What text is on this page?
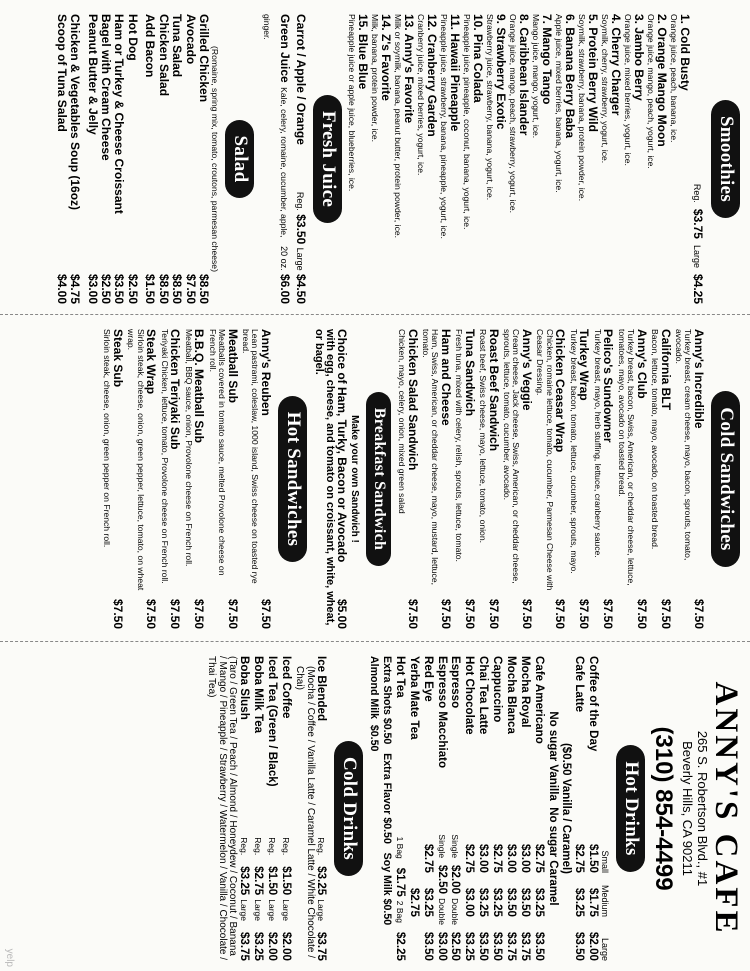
Smoothies
Reg.
$3.75
Large
$4.25
1. Cold Busty
Orange juice, peach, banana, ice.
2. Orange Mango Moon
Orange juice, mango, peach, yogurt, ice.
3. Jambo Berry
Orange juice, mixed berries, yogurt, ice.
4. Cherry Charger
Soymilk, cherry, strawberry, yogurt, ice.
5. Protein Berry Wild
Soymilk, strawberry, banana, protein powder, ice.
6. Banana Berry Baba
Apple juice, mixed berries, banana, yogurt, ice.
7. Mango Tango
Mango juice, mango, yogurt, ice.
8. Caribbean Islander
Orange juice, mango, peach, strawberry, yogurt, ice.
9. Strawberry Exotic
Strawberry juice, strawberry, banana, yogurt, ice.
10. Pina Colada
Pineapple juice, pineapple, coconut, banana, yogurt, ice.
11. Hawaii Pineapple
Pineapple juice, strawberry, banana, pineapple, yogurt, ice.
12. Cranberry Garden
Cranberry juice, mixed berries, yogurt, ice.
13. Anny's Favorite
Milk or soymilk, banana, peanut butter, protein powder, ice.
14. Z's Favorite
Milk, banana, protein powder, ice.
15. Blue Blue
Pineapple juice or apple juice, blueberries, ice.
Fresh Juice
Carrot / Apple / Orange
Reg. $3.50 Large $4.50
Green Juice Kale, celery, romaine, cucumber, apple, ginger.
20 oz. $6.00
Salad
(Romaine, spring mix, tomato, croutons, parmesan cheese)
Grilled Chicken
$8.50
Avocado
$7.50
Tuna Salad
$8.50
Chicken Salad
$8.50
Add Bacon
$1.50
Hot Dog
$2.50
Ham or Turkey & Cheese Croissant
$3.50
Bagel with Cream Cheese
$2.50
Peanut Butter & Jelly
$3.00
Chicken & Vegetables Soup (16oz)
$4.75
Scoop of Tuna Salad
$4.00
Cold Sandwiches
Anny's Incredible
$7.50
Turkey breast, cream cheese, mayo, bacon, sprouts, tomato, avocado.
California BLT
$7.50
Bacon, lettuce, tomato, mayo, avocado, on toasted bread.
Anny's Club
$7.50
Turkey breast, bacon, Swiss, American, or cheddar cheese, lettuce, tomatoes, mayo, avocado on toasted bread.
Pelico's Sundowner
$7.50
Turkey breast, mayo, herb stuffing, lettuce, cranberry sauce.
Turkey Wrap
$7.50
Turkey breast, bacon, tomato, lettuce, cucumber, sprouts, mayo.
Chicken Ceasar Wrap
$7.50
Chicken, romaine lettuce, tomato, cucumber, Parmesan Cheese with Ceasar Dressing.
Anny's Veggie
$7.50
Cream cheese, Jack cheese, Swiss, American, or cheddar cheese, sprouts, lettuce, tomato, cucumber, avocado.
Roast Beef Sandwich
$7.50
Roast beef, Swiss cheese, mayo, lettuce, tomato, onion.
Tuna Sandwich
$7.50
Fresh tuna, mixed with celery, relish, sprouts, lettuce, tomato.
Ham and Cheese
$7.50
Ham, Swiss, American, or cheddar cheese, mayo, mustard, lettuce, tomato.
Chicken Salad Sandwich
$7.50
Chicken, mayo, celery, onion, mixed green salad
Breakfast Sandwich
Make your own Sandwich !
Choice of Ham, Turky, Bacon or Avocado
$5.00
with egg, cheese, and tomato on croissant, white, wheat, or bagel.
Hot Sandwiches
Anny's Reuben
$7.50
Lean pastrami, coleslaw, 1000 island, Swiss cheese on toasted rye bread.
Meatball Sub
$7.50
Meatballs covered in tomato sauce, melted Provolone cheese on French roll.
B.B.Q. Meatball Sub
$7.50
Meatball, BBQ sauce, onion, Provolone cheese on French roll.
Chicken Teriyaki Sub
$7.50
Teriyaki Chicken, lettuce, tomato, Provolone cheese on French roll.
Steak Wrap
$7.50
Sirloin steak, cheese, onion, green pepper, lettuce, tomato, on wheat wrap.
Steak Sub
$7.50
Sirloin steak, cheese, onion, green pepper on French roll.
ANNY'S CAFE
265 S. Robertson Blvd., #1
Beverly Hills, CA 90211
(310) 854-4499
Hot Drinks
Small
Medium
Large
Coffee of the Day
$1.50
$1.75
$2.00
Cafe Latte
$2.75
$3.25
$3.50
($0.50 Vanilla / Caramel)
No sugar Vanilla  No sugar Caramel
Cafe Americano
$2.75
$3.25
$3.50
Mocha Royal
$3.00
$3.50
$3.75
Mocha Blanca
$3.00
$3.50
$3.75
Cappuccino
$2.75
$3.25
$3.50
Chai Tea Latte
$3.00
$3.25
$3.50
Hot Chocolate
$2.75
$3.00
$3.25
Espresso
Single
$2.00
Double
$2.50
Espresso Macchiato
Single
$2.50
Double
$3.00
Red Eye
$2.75
$3.25
$3.50
Yerba Mate Tea
$2.75
Hot Tea
1 Bag
$1.75
2 Bag
$2.25
Extra Shots $0.50   Extra Flavor $0.50   Soy Milk $0.50
Almond Milk  $0.50
Cold Drinks
Ice Blended
Reg.
$3.25
Large
$3.75
(Mocha / Coffee / Vanilla Latte / Caramel Latte / White Chocolate / Chai)
Iced Coffee
Reg.
$1.50
Large
$2.00
Iced Tea (Green / Black)
Reg.
$1.50
Large
$2.00
Boba Milk Tea
Reg.
$2.75
Large
$3.25
Boba Slush
Reg.
$3.25
Large
$3.75
(Taro / Green Tea / Peach / Almond / Honeydew / Coconut / Banana / Mango / Pineapple / Strawberry / Watermelon / Vanilla / Chocolate / Thai Tea)
yelp
